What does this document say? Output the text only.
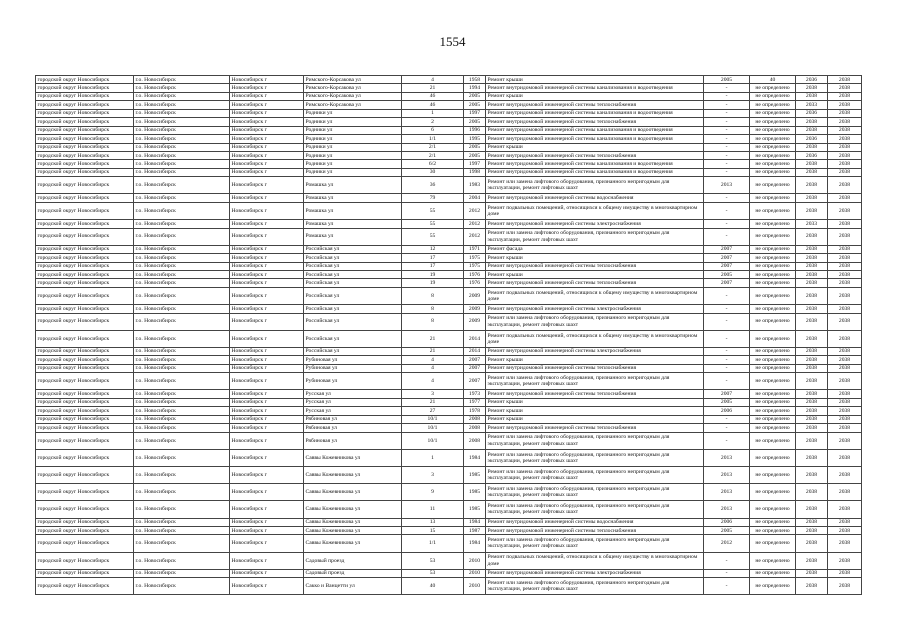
1554
городской округ Новосибирск	г.о. Новосибирск	Новосибирск г	Римского-Корсакова ул	4	1958	Ремонт крыши	2005	40	2036	2038
городской округ Новосибирск	г.о. Новосибирск	Новосибирск г	Римского-Корсакова ул	21	1994	Ремонт внутридомовой инженерной системы канализования и водоотведения	-	не определено	2038	2038
городской округ Новосибирск	г.о. Новосибирск	Новосибирск г	Римского-Корсакова ул	46	2005	Ремонт крыши	-	не определено	2038	2038
городской округ Новосибирск	г.о. Новосибирск	Новосибирск г	Римского-Корсакова ул	46	2005	Ремонт внутридомовой инженерной системы теплоснабжения	-	не определено	2033	2038
городской округ Новосибирск	г.о. Новосибирск	Новосибирск г	Родники ул	1	1997	Ремонт внутридомовой инженерной системы канализования и водоотведения	-	не определено	2036	2038
городской округ Новосибирск	г.о. Новосибирск	Новосибирск г	Родники ул	2	2005	Ремонт внутридомовой инженерной системы теплоснабжения	-	не определено	2038	2038
городской округ Новосибирск	г.о. Новосибирск	Новосибирск г	Родники ул	6	1996	Ремонт внутридомовой инженерной системы канализования и водоотведения	-	не определено	2038	2038
городской округ Новосибирск	г.о. Новосибирск	Новосибирск г	Родники ул	1/1	1995	Ремонт внутридомовой инженерной системы канализования и водоотведения	-	не определено	2036	2038
городской округ Новосибирск	г.о. Новосибирск	Новосибирск г	Родники ул	2/1	2005	Ремонт крыши	-	не определено	2038	2038
городской округ Новосибирск	г.о. Новосибирск	Новосибирск г	Родники ул	2/1	2005	Ремонт внутридомовой инженерной системы теплоснабжения	-	не определено	2036	2038
городской округ Новосибирск	г.о. Новосибирск	Новосибирск г	Родники ул	6/2	1997	Ремонт внутридомовой инженерной системы канализования и водоотведения	-	не определено	2038	2038
городской округ Новосибирск	г.о. Новосибирск	Новосибирск г	Родники ул	30	1998	Ремонт внутридомовой инженерной системы канализования и водоотведения	-	не определено	2038	2038
городской округ Новосибирск	г.о. Новосибирск	Новосибирск г	Ромашка ул	36	1983	Ремонт или замена лифтового оборудования, признанного непригодным для эксплуатации, ремонт лифтовых шахт	2013	не определено	2038	2038
городской округ Новосибирск	г.о. Новосибирск	Новосибирск г	Ромашка ул	79	2004	Ремонт внутридомовой инженерной системы водоснабжения	-	не определено	2038	2038
городской округ Новосибирск	г.о. Новосибирск	Новосибирск г	Ромашка ул	55	2012	Ремонт подвальных помещений, относящихся к общему имуществу в многоквартирном доме	-	не определено	2038	2038
городской округ Новосибирск	г.о. Новосибирск	Новосибирск г	Ромашка ул	55	2012	Ремонт внутридомовой инженерной системы электроснабжения	-	не определено	2033	2038
городской округ Новосибирск	г.о. Новосибирск	Новосибирск г	Ромашка ул	55	2012	Ремонт или замена лифтового оборудования, признанного непригодным для эксплуатации, ремонт лифтовых шахт	-	не определено	2038	2038
городской округ Новосибирск	г.о. Новосибирск	Новосибирск г	Российская ул	12	1971	Ремонт фасада	2007	не определено	2038	2038
городской округ Новосибирск	г.о. Новосибирск	Новосибирск г	Российская ул	17	1975	Ремонт крыши	2007	не определено	2038	2038
городской округ Новосибирск	г.о. Новосибирск	Новосибирск г	Российская ул	17	1975	Ремонт внутридомовой инженерной системы теплоснабжения	2007	не определено	2038	2038
городской округ Новосибирск	г.о. Новосибирск	Новосибирск г	Российская ул	19	1976	Ремонт крыши	2005	не определено	2038	2038
городской округ Новосибирск	г.о. Новосибирск	Новосибирск г	Российская ул	19	1976	Ремонт внутридомовой инженерной системы теплоснабжения	2007	не определено	2038	2038
городской округ Новосибирск	г.о. Новосибирск	Новосибирск г	Российская ул	8	2009	Ремонт подвальных помещений, относящихся к общему имуществу в многоквартирном доме	-	не определено	2038	2038
городской округ Новосибирск	г.о. Новосибирск	Новосибирск г	Российская ул	8	2009	Ремонт внутридомовой инженерной системы электроснабжения	-	не определено	2038	2038
городской округ Новосибирск	г.о. Новосибирск	Новосибирск г	Российская ул	8	2009	Ремонт или замена лифтового оборудования, признанного непригодным для эксплуатации, ремонт лифтовых шахт	-	не определено	2038	2038
городской округ Новосибирск	г.о. Новосибирск	Новосибирск г	Российская ул	21	2014	Ремонт подвальных помещений, относящихся к общему имуществу в многоквартирном доме	-	не определено	2038	2038
городской округ Новосибирск	г.о. Новосибирск	Новосибирск г	Российская ул	21	2014	Ремонт внутридомовой инженерной системы электроснабжения	-	не определено	2038	2038
городской округ Новосибирск	г.о. Новосибирск	Новосибирск г	Рубиновая ул	4	2007	Ремонт крыши	-	не определено	2038	2038
городской округ Новосибирск	г.о. Новосибирск	Новосибирск г	Рубиновая ул	4	2007	Ремонт внутридомовой инженерной системы теплоснабжения	-	не определено	2038	2038
городской округ Новосибирск	г.о. Новосибирск	Новосибирск г	Рубиновая ул	4	2007	Ремонт или замена лифтового оборудования, признанного непригодным для эксплуатации, ремонт лифтовых шахт	-	не определено	2038	2038
городской округ Новосибирск	г.о. Новосибирск	Новосибирск г	Русская ул	3	1973	Ремонт внутридомовой инженерной системы теплоснабжения	2007	не определено	2038	2038
городской округ Новосибирск	г.о. Новосибирск	Новосибирск г	Русская ул	21	1977	Ремонт крыши	2005	не определено	2038	2038
городской округ Новосибирск	г.о. Новосибирск	Новосибирск г	Русская ул	27	1978	Ремонт крыши	2006	не определено	2038	2038
городской округ Новосибирск	г.о. Новосибирск	Новосибирск г	Рябиновая ул	10/1	2008	Ремонт крыши	-	не определено	2038	2038
городской округ Новосибирск	г.о. Новосибирск	Новосибирск г	Рябиновая ул	10/1	2008	Ремонт внутридомовой инженерной системы теплоснабжения	-	не определено	2038	2038
городской округ Новосибирск	г.о. Новосибирск	Новосибирск г	Рябиновая ул	10/1	2008	Ремонт или замена лифтового оборудования, признанного непригодным для эксплуатации, ремонт лифтовых шахт	-	не определено	2038	2038
городской округ Новосибирск	г.о. Новосибирск	Новосибирск г	Саввы Кожевникова ул	1	1984	Ремонт или замена лифтового оборудования, признанного непригодным для эксплуатации, ремонт лифтовых шахт	2013	не определено	2038	2038
городской округ Новосибирск	г.о. Новосибирск	Новосибирск г	Саввы Кожевникова ул	3	1985	Ремонт или замена лифтового оборудования, признанного непригодным для эксплуатации, ремонт лифтовых шахт	2013	не определено	2038	2038
городской округ Новосибирск	г.о. Новосибирск	Новосибирск г	Саввы Кожевникова ул	9	1985	Ремонт или замена лифтового оборудования, признанного непригодным для эксплуатации, ремонт лифтовых шахт	2013	не определено	2038	2038
городской округ Новосибирск	г.о. Новосибирск	Новосибирск г	Саввы Кожевникова ул	11	1985	Ремонт или замена лифтового оборудования, признанного непригодным для эксплуатации, ремонт лифтовых шахт	2013	не определено	2038	2038
городской округ Новосибирск	г.о. Новосибирск	Новосибирск г	Саввы Кожевникова ул	13	1984	Ремонт внутридомовой инженерной системы водоснабжения	2006	не определено	2038	2038
городской округ Новосибирск	г.о. Новосибирск	Новосибирск г	Саввы Кожевникова ул	15	1987	Ремонт внутридомовой инженерной системы теплоснабжения	2005	не определено	2038	2038
городской округ Новосибирск	г.о. Новосибирск	Новосибирск г	Саввы Кожевникова ул	1/1	1984	Ремонт или замена лифтового оборудования, признанного непригодным для эксплуатации, ремонт лифтовых шахт	2012	не определено	2038	2038
городской округ Новосибирск	г.о. Новосибирск	Новосибирск г	Садовый проезд	53	2010	Ремонт подвальных помещений, относящихся к общему имуществу в многоквартирном доме	-	не определено	2038	2038
городской округ Новосибирск	г.о. Новосибирск	Новосибирск г	Садовый проезд	53	2010	Ремонт внутридомовой инженерной системы электроснабжения	-	не определено	2038	2038
городской округ Новосибирск	г.о. Новосибирск	Новосибирск г	Сакко и Ванцетти ул	40	2010	Ремонт или замена лифтового оборудования, признанного непригодным для эксплуатации, ремонт лифтовых шахт	-	не определено	2038	2038
